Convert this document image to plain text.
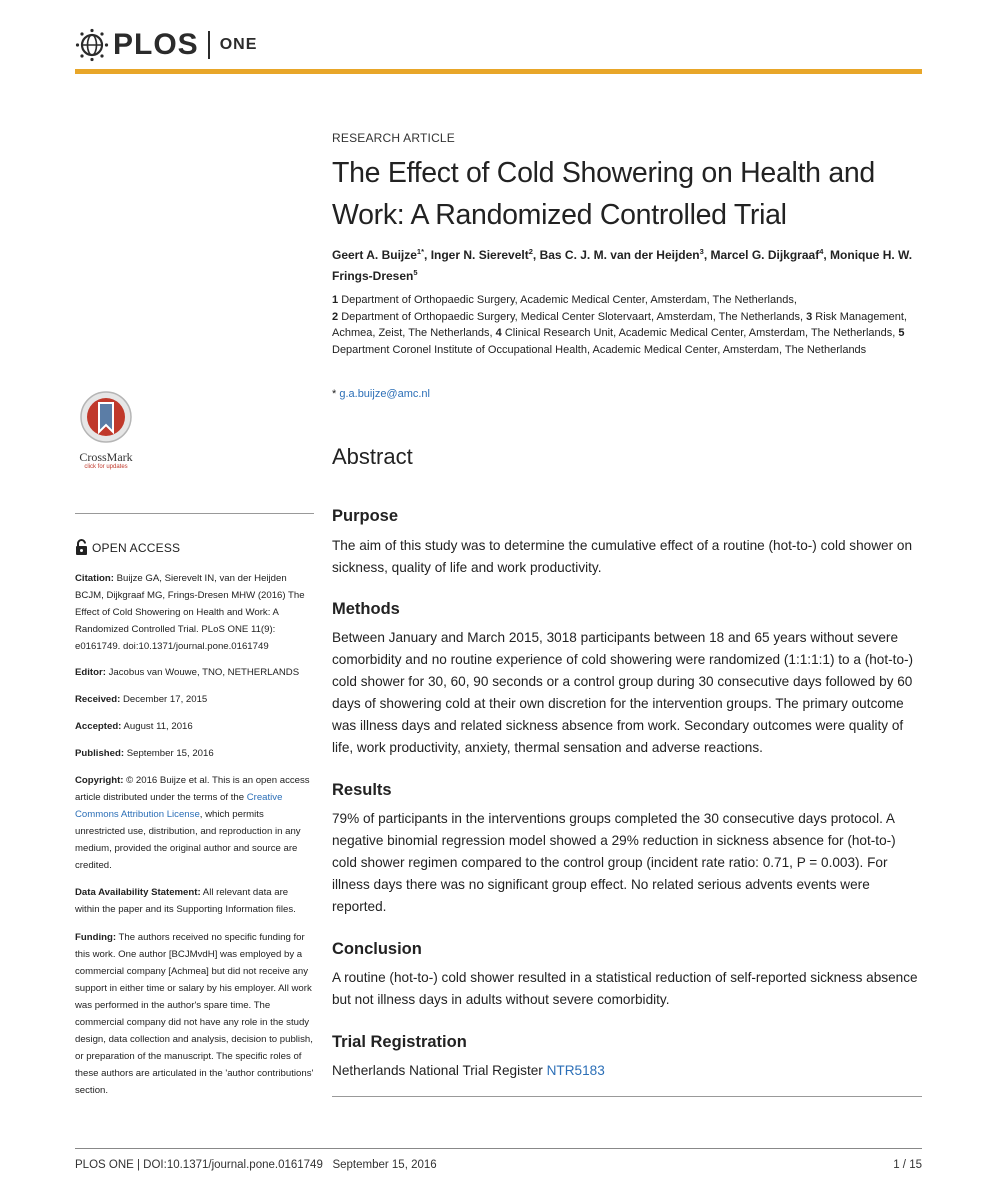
PLOS ONE
CrossMark
click for updates
OPEN ACCESS
Citation: Buijze GA, Sierevelt IN, van der Heijden BCJM, Dijkgraaf MG, Frings-Dresen MHW (2016) The Effect of Cold Showering on Health and Work: A Randomized Controlled Trial. PLoS ONE 11(9): e0161749. doi:10.1371/journal.pone.0161749
Editor: Jacobus van Wouwe, TNO, NETHERLANDS
Received: December 17, 2015
Accepted: August 11, 2016
Published: September 15, 2016
Copyright: © 2016 Buijze et al. This is an open access article distributed under the terms of the Creative Commons Attribution License, which permits unrestricted use, distribution, and reproduction in any medium, provided the original author and source are credited.
Data Availability Statement: All relevant data are within the paper and its Supporting Information files.
Funding: The authors received no specific funding for this work. One author [BCJMvdH] was employed by a commercial company [Achmea] but did not receive any support in either time or salary by his employer. All work was performed in the author's spare time. The commercial company did not have any role in the study design, data collection and analysis, decision to publish, or preparation of the manuscript. The specific roles of these authors are articulated in the 'author contributions' section.
RESEARCH ARTICLE
The Effect of Cold Showering on Health and Work: A Randomized Controlled Trial
Geert A. Buijze$^{1*}$, Inger N. Sierevelt$^2$, Bas C. J. M. van der Heijden$^3$, Marcel G. Dijkgraaf$^4$, Monique H. W. Frings-Dresen$^5$
1 Department of Orthopaedic Surgery, Academic Medical Center, Amsterdam, The Netherlands,
2 Department of Orthopaedic Surgery, Medical Center Slotervaart, Amsterdam, The Netherlands, 3 Risk Management, Achmea, Zeist, The Netherlands, 4 Clinical Research Unit, Academic Medical Center, Amsterdam, The Netherlands, 5 Department Coronel Institute of Occupational Health, Academic Medical Center, Amsterdam, The Netherlands
* g.a.buijze@amc.nl
Abstract
Purpose

The aim of this study was to determine the cumulative effect of a routine (hot-to-) cold shower on sickness, quality of life and work productivity.

Methods

Between January and March 2015, 3018 participants between 18 and 65 years without severe comorbidity and no routine experience of cold showering were randomized (1:1:1:1) to a (hot-to-) cold shower for 30, 60, 90 seconds or a control group during 30 consecutive days followed by 60 days of showering cold at their own discretion for the intervention groups. The primary outcome was illness days and related sickness absence from work. Secondary outcomes were quality of life, work productivity, anxiety, thermal sensation and adverse reactions.

Results

79% of participants in the interventions groups completed the 30 consecutive days protocol. A negative binomial regression model showed a 29% reduction in sickness absence for (hot-to-) cold shower regimen compared to the control group (incident rate ratio: 0.71, P = 0.003). For illness days there was no significant group effect. No related serious advents events were reported.

Conclusion

A routine (hot-to-) cold shower resulted in a statistical reduction of self-reported sickness absence but not illness days in adults without severe comorbidity.

Trial Registration

Netherlands National Trial Register NTR5183

PLOS ONE | DOI:10.1371/journal.pone.0161749 September 15, 2016	1 / 15
